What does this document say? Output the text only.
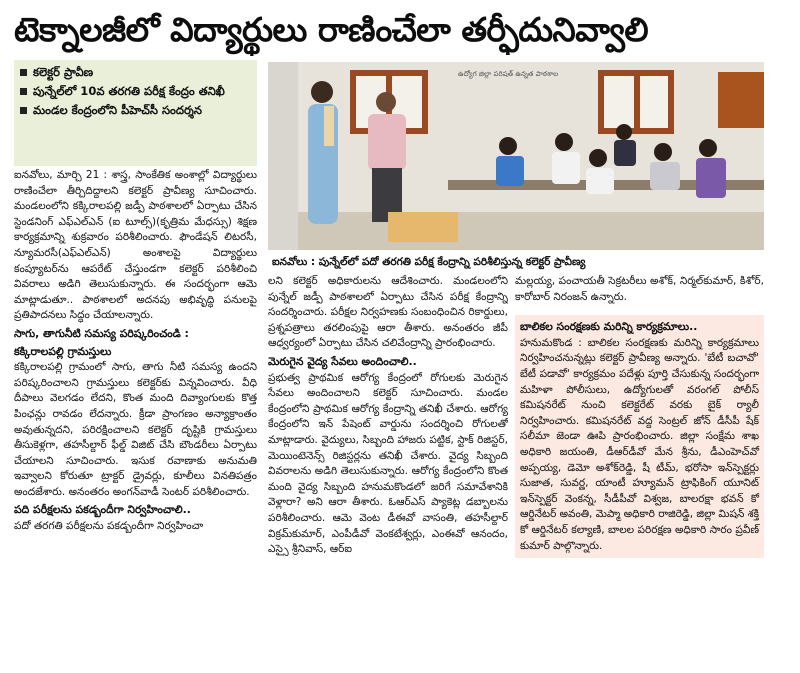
టెక్నాలజీలో విద్యార్థులు రాణించేలా తర్ఫీదునివ్వాలి
కలెక్టర్ ప్రావీణ
పున్నేల్‌లో 10వ తరగతి పరీక్ష కేంద్రం తనిఖీ
మండల కేంద్రంలోని పీహెచ్‌సీ సందర్శన
ఉద్యోగ జిల్లా పరిషత్ ఉన్నత పాఠశాల
ఐనవోలు : పున్నేల్‌లో పదో తరగతి పరీక్ష కేంద్రాన్ని పరిశీలిస్తున్న కలెక్టర్ ప్రావీణ్య

ఐనవోలు, మార్చి 21 : శాస్త్ర, సాంకేతిక అంశాల్లో విద్యార్థులు రాణించేలా తీర్చిదిద్దాలని కలెక్టర్ ప్రావీణ్య సూచించారు. మండలంలోని కక్కిరాలపల్లి జడ్పీ పాఠశాలలో ఏర్పాటు చేసిన స్టెండనింగ్ ఎఫ్ఎల్ఎన్ (ఐ టూల్స్)(కృత్రిమ మేధస్సు) శిక్షణ కార్యక్రమాన్ని శుక్రవారం పరిశీలించారు. ఫౌండేషన్ లిటరసీ, న్యూమరసీ(ఎఫ్ఎల్ఎన్) అంశాలపై విద్యార్థులు కంప్యూటర్‌ను ఆపరేట్ చేస్తుండగా కలెక్టర్ పరిశీలించి వివరాలు అడిగి తెలుసుకున్నారు. ఈ సందర్భంగా ఆమె మాట్లాడుతూ.. పాఠశాలలో అదనపు అభివృద్ధి పనులపై ప్రతిపాదనలు సిద్ధం చేయాలన్నారు.

సాగు, తాగునీటి సమస్య పరిష్కరించండి :
కక్కిరాలపల్లి గ్రామస్తులు

కక్కిరాలపల్లి గ్రామంలో సాగు, తాగు నీటి సమస్య ఉందని పరిష్కరించాలని గ్రామస్తులు కలెక్టర్‌కు విన్నవించారు. వీధి దీపాలు వెలగడం లేదని, కొంత మంది దివ్యాంగులకు కొత్త పింఛన్లు రావడం లేదన్నారు. క్రీడా ప్రాంగణం అన్యాక్రాంతం అవుతున్నదని, పరిరక్షించాలని కలెక్టర్ దృష్టికి గ్రామస్తులు తీసుకెళ్లగా, తహసీల్దార్ ఫీల్డ్ విజిట్ చేసి బౌండరీలు ఏర్పాటు చేయాలని సూచించారు. ఇసుక రవాణాకు అనుమతి ఇవ్వాలని కోరుతూ ట్రాక్టర్ డ్రైవర్లు, కూలీలు వినతిపత్రం అందజేశారు. అనంతరం అంగన్‌వాడీ సెంటర్ పరిశీలించారు.

పది పరీక్షలను పకడ్బందీగా నిర్వహించాలి..

పదో తరగతి పరీక్షలను పకడ్బందీగా నిర్వహించా

లని కలెక్టర్ అధికారులను ఆదేశించారు. మండలంలోని పున్నేల్ జడ్పీ పాఠశాలలో ఏర్పాటు చేసిన పరీక్ష కేంద్రాన్ని సందర్శించారు. పరీక్షల నిర్వహణకు సంబంధించిన రికార్డులు, ప్రశ్నపత్రాలు తరలింపుపై ఆరా తీశారు. అనంతరం జీపీ ఆధ్వర్యంలో ఏర్పాటు చేసిన చలివేంద్రాన్ని ప్రారంభించారు.

మెరుగైన వైద్య సేవలు అందించాలి..

ప్రభుత్వ ప్రాథమిక ఆరోగ్య కేంద్రంలో రోగులకు మెరుగైన సేవలు అందించాలని కలెక్టర్ సూచించారు. మండల కేంద్రంలోని ప్రాథమిక ఆరోగ్య కేంద్రాన్ని తనిఖీ చేశారు. ఆరోగ్య కేంద్రంలోని ఇన్ పేషెంట్ వార్డును సందర్శించి రోగులతో మాట్లాడారు. వైద్యులు, సిబ్బంది హాజరు పట్టిక, స్టాక్ రిజిస్టర్, మెయింటెనెన్స్ రిజిస్టర్లను తనిఖీ చేశారు. వైద్య సిబ్బంది వివరాలను అడిగి తెలుసుకున్నారు. ఆరోగ్య కేంద్రంలోని కొంత మంది వైద్య సిబ్బంది హనుమకొండలో జరిగే సమావేశానికి వెళ్లారా? అని ఆరా తీశారు. ఓఆర్ఎస్ ప్యాకెట్ల డబ్బాలను పరిశీలించారు. ఆమె వెంట డీఈవో వాసంతి, తహసీల్దార్ విక్రమ్‌కుమార్, ఎంపీడీవో వెంకటేశ్వర్లు, ఎంఈవో ఆనందం, ఎస్సై శ్రీనివాస్, ఆర్ఐ

మల్లయ్య, పంచాయతీ సెక్రటరీలు అశోక్, నిర్మల్‌కుమార్, కిశోర్, కారోబార్ నిరంజన్ ఉన్నారు.

బాలికల సంరక్షణకు మరిన్ని కార్యక్రమాలు..

హనుమకొండ : బాలికల సంరక్షణకు మరిన్ని కార్యక్రమాలు నిర్వహించనున్నట్లు కలెక్టర్ ప్రావీణ్య అన్నారు. 'బేటీ బచావో' బేటీ పడావో' కార్యక్రమం పదేళ్లు పూర్తి చేసుకున్న సందర్భంగా మహిళా పోలీసులు, ఉద్యోగులతో వరంగల్ పోలీస్ కమిషనరేట్ నుంచి కలెక్టరేట్ వరకు బైక్ ర్యాలీ నిర్వహించారు. కమిషనరేట్ వద్ద సెంట్రల్ జోన్ డీసీపీ షేక్ సలీమా జెండా ఊపి ప్రారంభించారు. జిల్లా సంక్షేమ శాఖ అధికారి జయంతి, డీఆర్‌డీవో మేన శ్రీను, డీఎంహెచ్‌వో అప్పయ్య, డెమో అశోక్‌రెడ్డి, షీ టీమ్, భరోసా ఇన్‌స్పెక్టర్లు సుజాత, సువర్ణ, యాంటీ హ్యూమన్ ట్రాఫికింగ్ యూనిట్ ఇన్‌స్పెక్టర్ వెంకన్న, సీడీపీవో విశ్వజ, బాలరక్షా భవన్ కో ఆర్డినేటర్ అవంతి, మెప్మా అధికారి రాజిరెడ్డి, జిల్లా మిషన్ శక్తి కో ఆర్డినేటర్ కల్యాణి, బాలల పరిరక్షణ అధికారి సారం ప్రవీణ్ కుమార్ పాల్గొన్నారు.
